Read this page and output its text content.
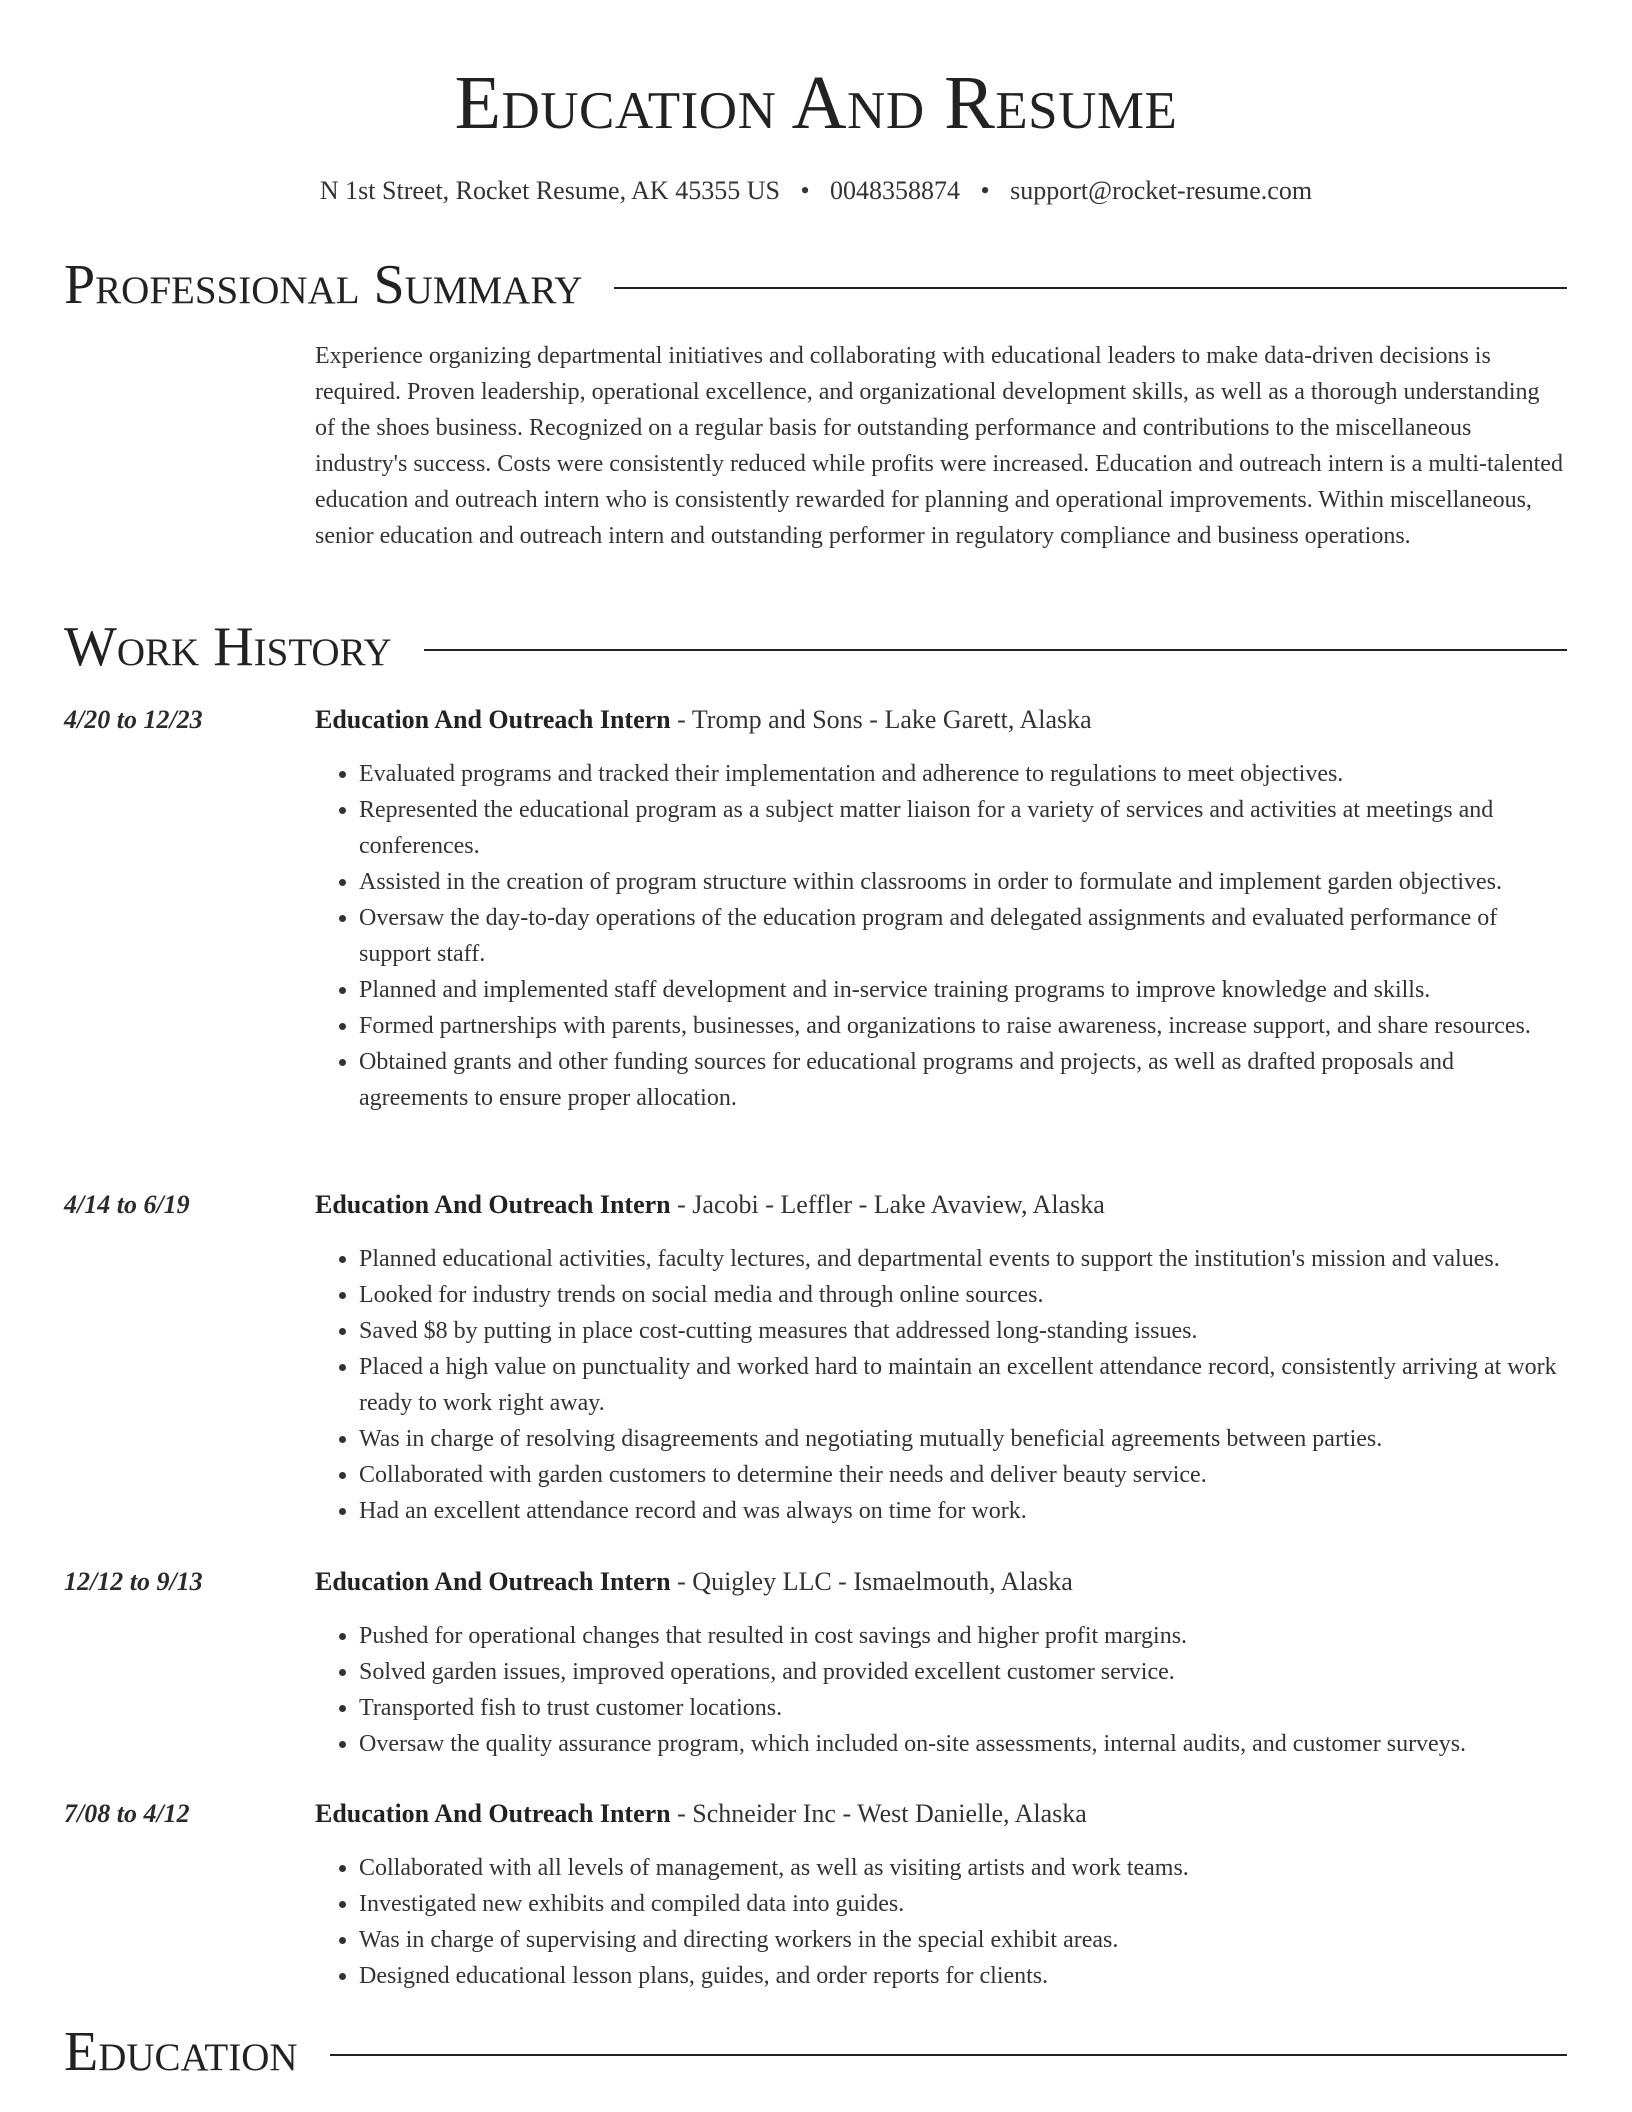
Education And Resume
N 1st Street, Rocket Resume, AK 45355 US • 0048358874 • support@rocket-resume.com
Professional Summary

Experience organizing departmental initiatives and collaborating with educational leaders to make data-driven decisions is required. Proven leadership, operational excellence, and organizational development skills, as well as a thorough understanding of the shoes business. Recognized on a regular basis for outstanding performance and contributions to the miscellaneous industry's success. Costs were consistently reduced while profits were increased. Education and outreach intern is a multi-talented education and outreach intern who is consistently rewarded for planning and operational improvements. Within miscellaneous, senior education and outreach intern and outstanding performer in regulatory compliance and business operations.

Work History
4/20 to 12/23	Education And Outreach Intern - Tromp and Sons - Lake Garett, Alaska
• Evaluated programs and tracked their implementation and adherence to regulations to meet objectives.
• Represented the educational program as a subject matter liaison for a variety of services and activities at meetings and conferences.
• Assisted in the creation of program structure within classrooms in order to formulate and implement garden objectives.
• Oversaw the day-to-day operations of the education program and delegated assignments and evaluated performance of support staff.
• Planned and implemented staff development and in-service training programs to improve knowledge and skills.
• Formed partnerships with parents, businesses, and organizations to raise awareness, increase support, and share resources.
• Obtained grants and other funding sources for educational programs and projects, as well as drafted proposals and agreements to ensure proper allocation.
4/14 to 6/19	Education And Outreach Intern - Jacobi - Leffler - Lake Avaview, Alaska
• Planned educational activities, faculty lectures, and departmental events to support the institution's mission and values.
• Looked for industry trends on social media and through online sources.
• Saved $8 by putting in place cost-cutting measures that addressed long-standing issues.
• Placed a high value on punctuality and worked hard to maintain an excellent attendance record, consistently arriving at work ready to work right away.
• Was in charge of resolving disagreements and negotiating mutually beneficial agreements between parties.
• Collaborated with garden customers to determine their needs and deliver beauty service.
• Had an excellent attendance record and was always on time for work.
12/12 to 9/13	Education And Outreach Intern - Quigley LLC - Ismaelmouth, Alaska
• Pushed for operational changes that resulted in cost savings and higher profit margins.
• Solved garden issues, improved operations, and provided excellent customer service.
• Transported fish to trust customer locations.
• Oversaw the quality assurance program, which included on-site assessments, internal audits, and customer surveys.
7/08 to 4/12	Education And Outreach Intern - Schneider Inc - West Danielle, Alaska
• Collaborated with all levels of management, as well as visiting artists and work teams.
• Investigated new exhibits and compiled data into guides.
• Was in charge of supervising and directing workers in the special exhibit areas.
• Designed educational lesson plans, guides, and order reports for clients.
Education
